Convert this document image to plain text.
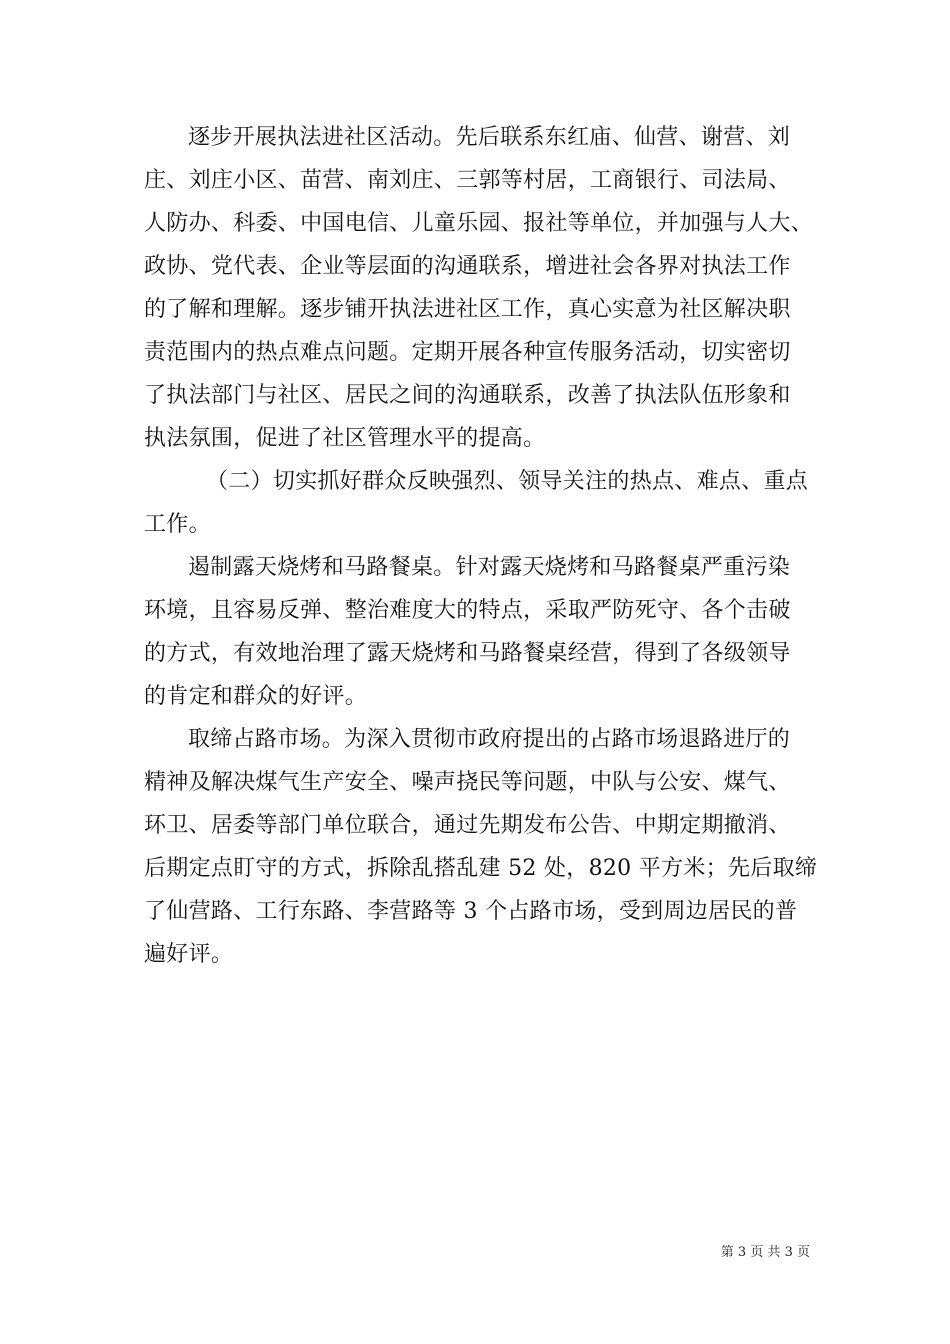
逐步开展执法进社区活动。先后联系东红庙、仙营、谢营、刘
庄、刘庄小区、苗营、南刘庄、三郭等村居，工商银行、司法局、
人防办、科委、中国电信、儿童乐园、报社等单位，并加强与人大、
政协、党代表、企业等层面的沟通联系，增进社会各界对执法工作
的了解和理解。逐步铺开执法进社区工作，真心实意为社区解决职
责范围内的热点难点问题。定期开展各种宣传服务活动，切实密切
了执法部门与社区、居民之间的沟通联系，改善了执法队伍形象和
执法氛围，促进了社区管理水平的提高。
（二）切实抓好群众反映强烈、领导关注的热点、难点、重点
工作。
遏制露天烧烤和马路餐桌。针对露天烧烤和马路餐桌严重污染
环境，且容易反弹、整治难度大的特点，采取严防死守、各个击破
的方式，有效地治理了露天烧烤和马路餐桌经营，得到了各级领导
的肯定和群众的好评。
取缔占路市场。为深入贯彻市政府提出的占路市场退路进厅的
精神及解决煤气生产安全、噪声挠民等问题，中队与公安、煤气、
环卫、居委等部门单位联合，通过先期发布公告、中期定期撤消、
后期定点盯守的方式，拆除乱搭乱建 52 处，820 平方米；先后取缔
了仙营路、工行东路、李营路等 3 个占路市场，受到周边居民的普
遍好评。
第 3 页 共 3 页
